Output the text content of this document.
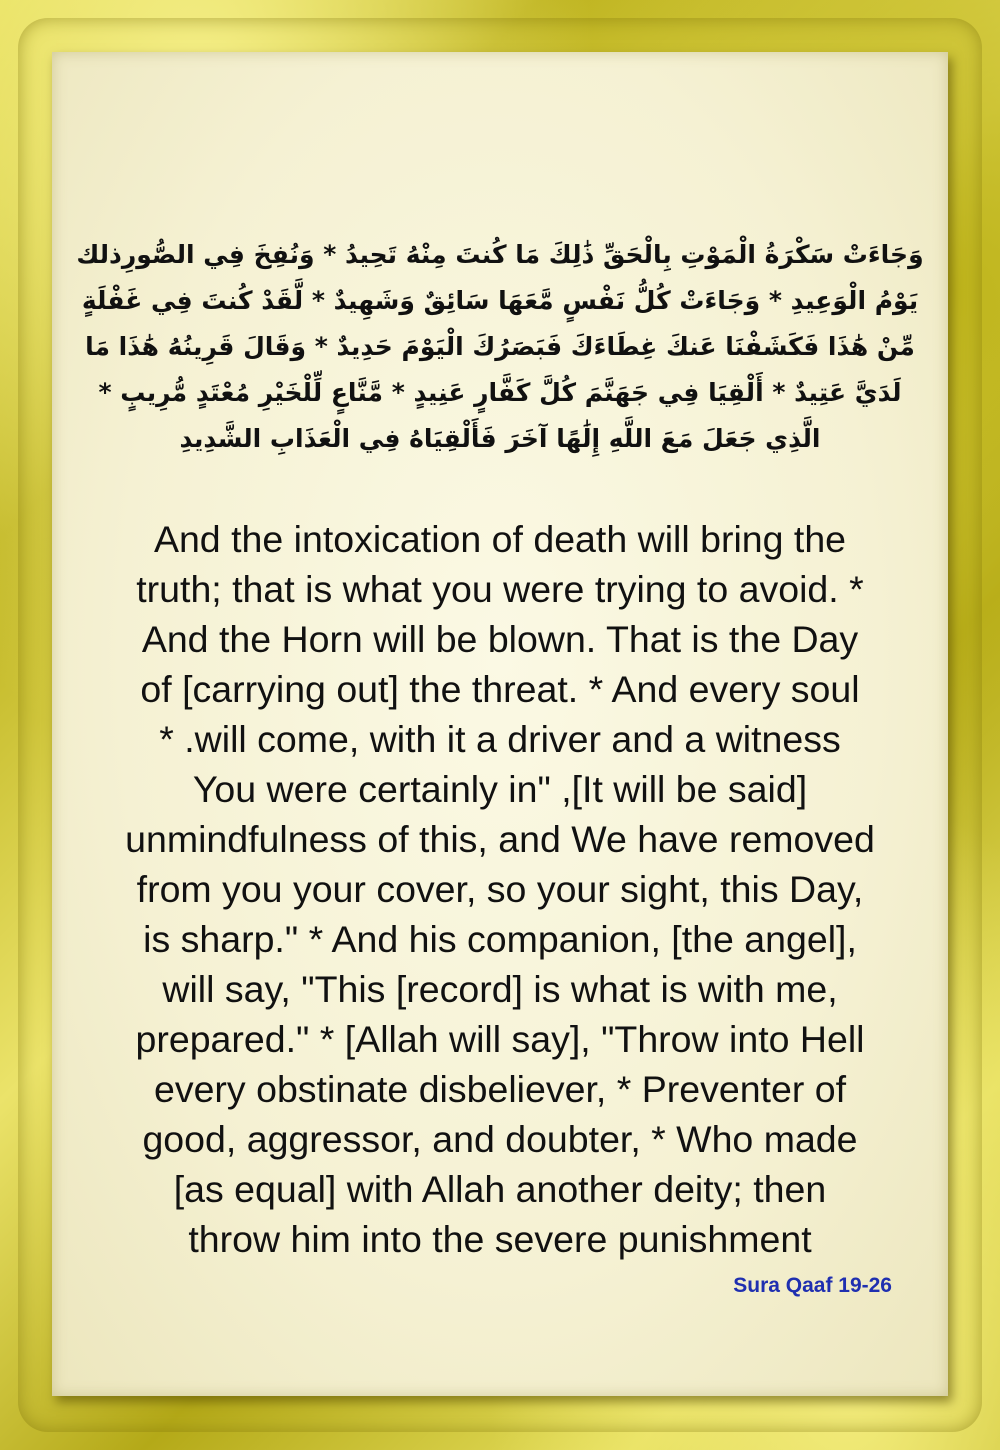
وَجَاءَتْ سَكْرَةُ الْمَوْتِ بِالْحَقِّ ذَٰلِكَ مَا كُنتَ مِنْهُ تَحِيدُ * وَنُفِخَ فِي الصُّورِذلك يَوْمُ الْوَعِيدِ * وَجَاءَتْ كُلُّ نَفْسٍ مَّعَهَا سَائِقٌ وَشَهِيدٌ * لَّقَدْ كُنتَ فِي غَفْلَةٍ مِّنْ هَٰذَا فَكَشَفْنَا عَنكَ غِطَاءَكَ فَبَصَرُكَ الْيَوْمَ حَدِيدٌ * وَقَالَ قَرِينُهُ هَٰذَا مَا لَدَيَّ عَتِيدٌ * أَلْقِيَا فِي جَهَنَّمَ كُلَّ كَفَّارٍ عَنِيدٍ * مَّنَّاعٍ لِّلْخَيْرِ مُعْتَدٍ مُّرِيبٍ * الَّذِي جَعَلَ مَعَ اللَّهِ إِلَٰهًا آخَرَ فَأَلْقِيَاهُ فِي الْعَذَابِ الشَّدِيدِ
And the intoxication of death will bring the
truth; that is what you were trying to avoid. *
And the Horn will be blown. That is the Day
of [carrying out] the threat. * And every soul
* .will come, with it a driver and a witness
You were certainly in" ,[It will be said]
unmindfulness of this, and We have removed
from you your cover, so your sight, this Day,
is sharp." * And his companion, [the angel],
will say, "This [record] is what is with me,
prepared." * [Allah will say], "Throw into Hell
every obstinate disbeliever, * Preventer of
good, aggressor, and doubter, * Who made
[as equal] with Allah another deity; then
throw him into the severe punishment
Sura Qaaf 19-26
